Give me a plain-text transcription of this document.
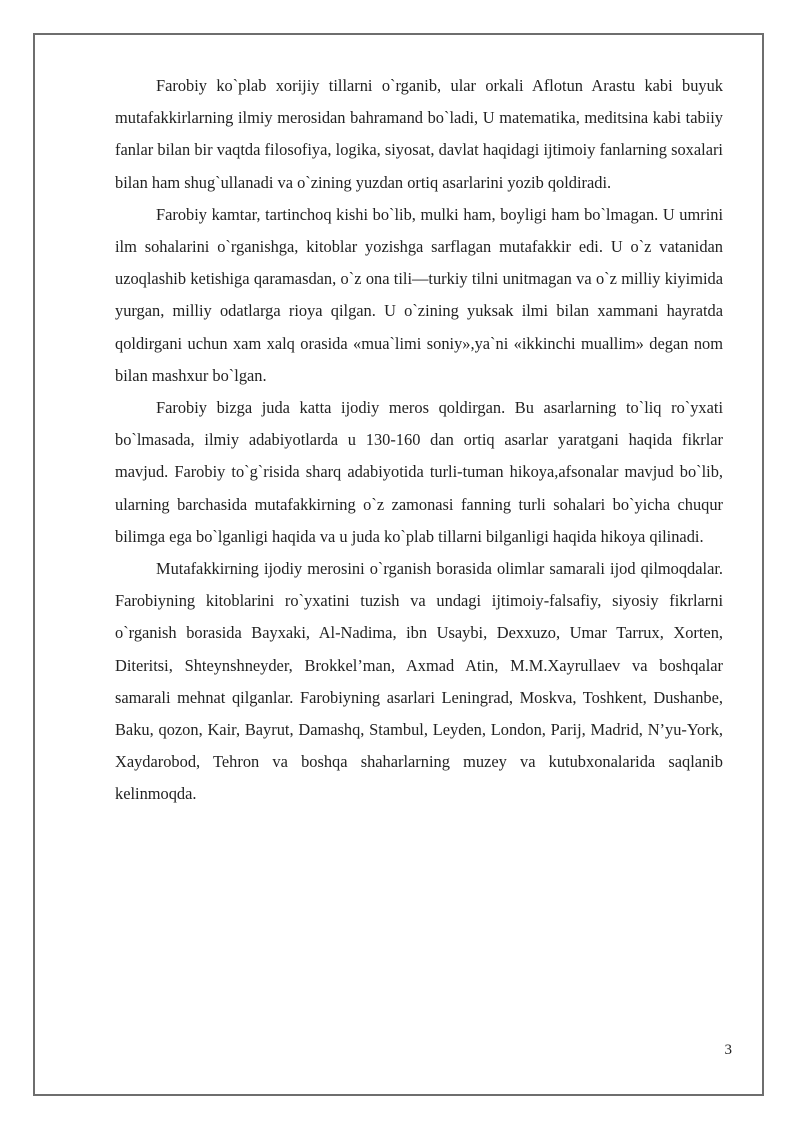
Farobiy ko`plab xorijiy tillarni o`rganib, ular orkali Aflotun Arastu kabi buyuk mutafakkirlarning ilmiy merosidan bahramand bo`ladi, U matematika, meditsina kabi tabiiy fanlar bilan bir vaqtda filosofiya, logika, siyosat, davlat haqidagi ijtimoiy fanlarning soxalari bilan ham shug`ullanadi va o`zining yuzdan ortiq asarlarini yozib qoldiradi.

Farobiy kamtar, tartinchoq kishi bo`lib, mulki ham, boyligi ham bo`lmagan. U umrini ilm sohalarini o`rganishga, kitoblar yozishga sarflagan mutafakkir edi. U o`z vatanidan uzoqlashib ketishiga qaramasdan, o`z ona tili—turkiy tilni unitmagan va o`z milliy kiyimida yurgan, milliy odatlarga rioya qilgan. U o`zining yuksak ilmi bilan xammani hayratda qoldirgani uchun xam xalq orasida «mua`limi soniy»,ya`ni «ikkinchi muallim» degan nom bilan mashxur bo`lgan.

Farobiy bizga juda katta ijodiy meros qoldirgan. Bu asarlarning to`liq ro`yxati bo`lmasada, ilmiy adabiyotlarda u 130-160 dan ortiq asarlar yaratgani haqida fikrlar mavjud. Farobiy to`g`risida sharq adabiyotida turli-tuman hikoya,afsonalar mavjud bo`lib, ularning barchasida mutafakkirning o`z zamonasi fanning turli sohalari bo`yicha chuqur bilimga ega bo`lganligi haqida va u juda ko`plab tillarni bilganligi haqida hikoya qilinadi.

Mutafakkirning ijodiy merosini o`rganish borasida olimlar samarali ijod qilmoqdalar. Farobiyning kitoblarini ro`yxatini tuzish va undagi ijtimoiy-falsafiy, siyosiy fikrlarni o`rganish borasida Bayxaki, Al-Nadima, ibn Usaybi, Dexxuzo, Umar Tarrux, Xorten, Diteritsi, Shteynshneyder, Brokkel’man, Axmad Atin, M.M.Xayrullaev va boshqalar samarali mehnat qilganlar. Farobiyning asarlari Leningrad, Moskva, Toshkent, Dushanbe, Baku, qozon, Kair, Bayrut, Damashq, Stambul, Leyden, London, Parij, Madrid, N’yu-York, Xaydarobod, Tehron va boshqa shaharlarning muzey va kutubxonalarida saqlanib kelinmoqda.

3
